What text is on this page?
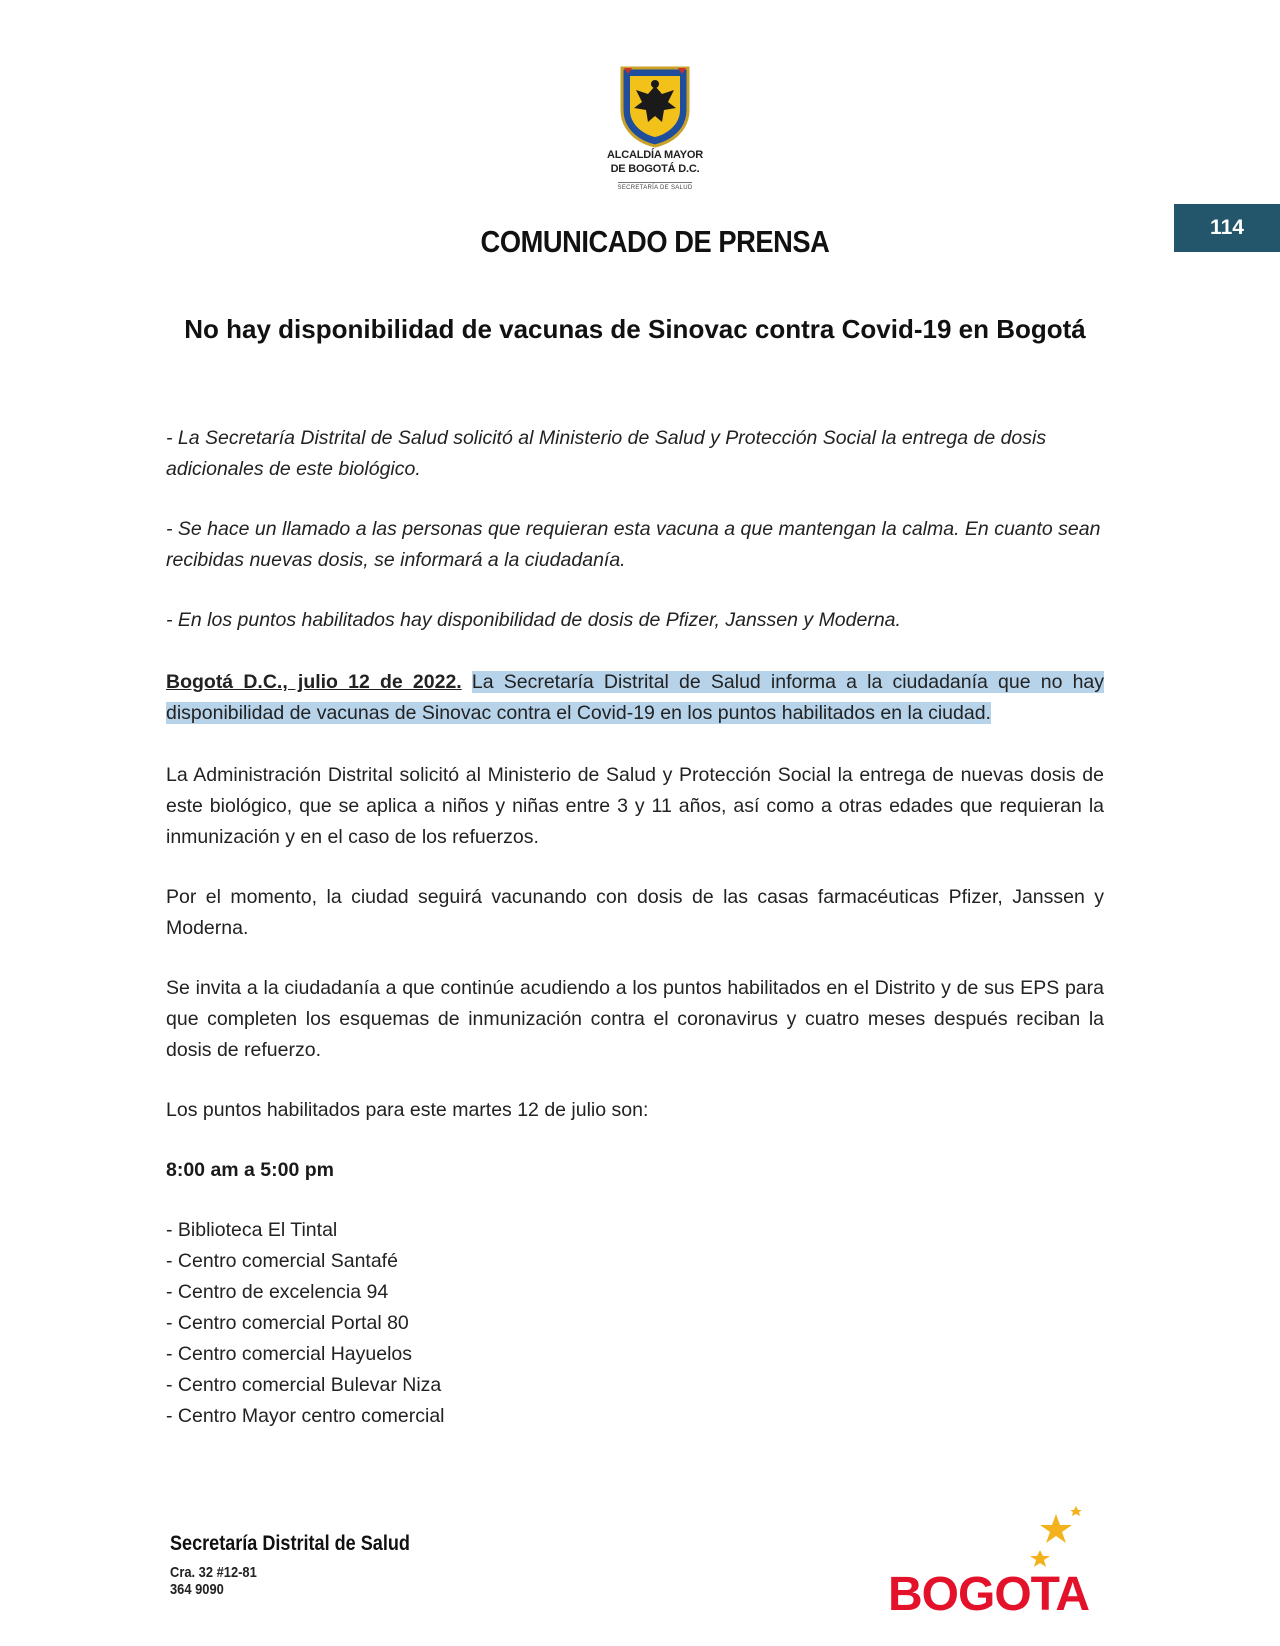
114
ALCALDÍA MAYOR
DE BOGOTÁ D.C.
SECRETARÍA DE SALUD
COMUNICADO DE PRENSA
No hay disponibilidad de vacunas de Sinovac contra Covid-19 en Bogotá

- La Secretaría Distrital de Salud solicitó al Ministerio de Salud y Protección Social la entrega de dosis adicionales de este biológico.

- Se hace un llamado a las personas que requieran esta vacuna a que mantengan la calma. En cuanto sean recibidas nuevas dosis, se informará a la ciudadanía.

- En los puntos habilitados hay disponibilidad de dosis de Pfizer, Janssen y Moderna.

Bogotá D.C., julio 12 de 2022. La Secretaría Distrital de Salud informa a la ciudadanía que no hay disponibilidad de vacunas de Sinovac contra el Covid-19 en los puntos habilitados en la ciudad.

La Administración Distrital solicitó al Ministerio de Salud y Protección Social la entrega de nuevas dosis de este biológico, que se aplica a niños y niñas entre 3 y 11 años, así como a otras edades que requieran la inmunización y en el caso de los refuerzos.

Por el momento, la ciudad seguirá vacunando con dosis de las casas farmacéuticas Pfizer, Janssen y Moderna.

Se invita a la ciudadanía a que continúe acudiendo a los puntos habilitados en el Distrito y de sus EPS para que completen los esquemas de inmunización contra el coronavirus y cuatro meses después reciban la dosis de refuerzo.

Los puntos habilitados para este martes 12 de julio son:

8:00 am a 5:00 pm

- Biblioteca El Tintal
- Centro comercial Santafé
- Centro de excelencia 94
- Centro comercial Portal 80
- Centro comercial Hayuelos
- Centro comercial Bulevar Niza
- Centro Mayor centro comercial
Secretaría Distrital de Salud
Cra. 32 #12-81
364 9090	BOGOTA
